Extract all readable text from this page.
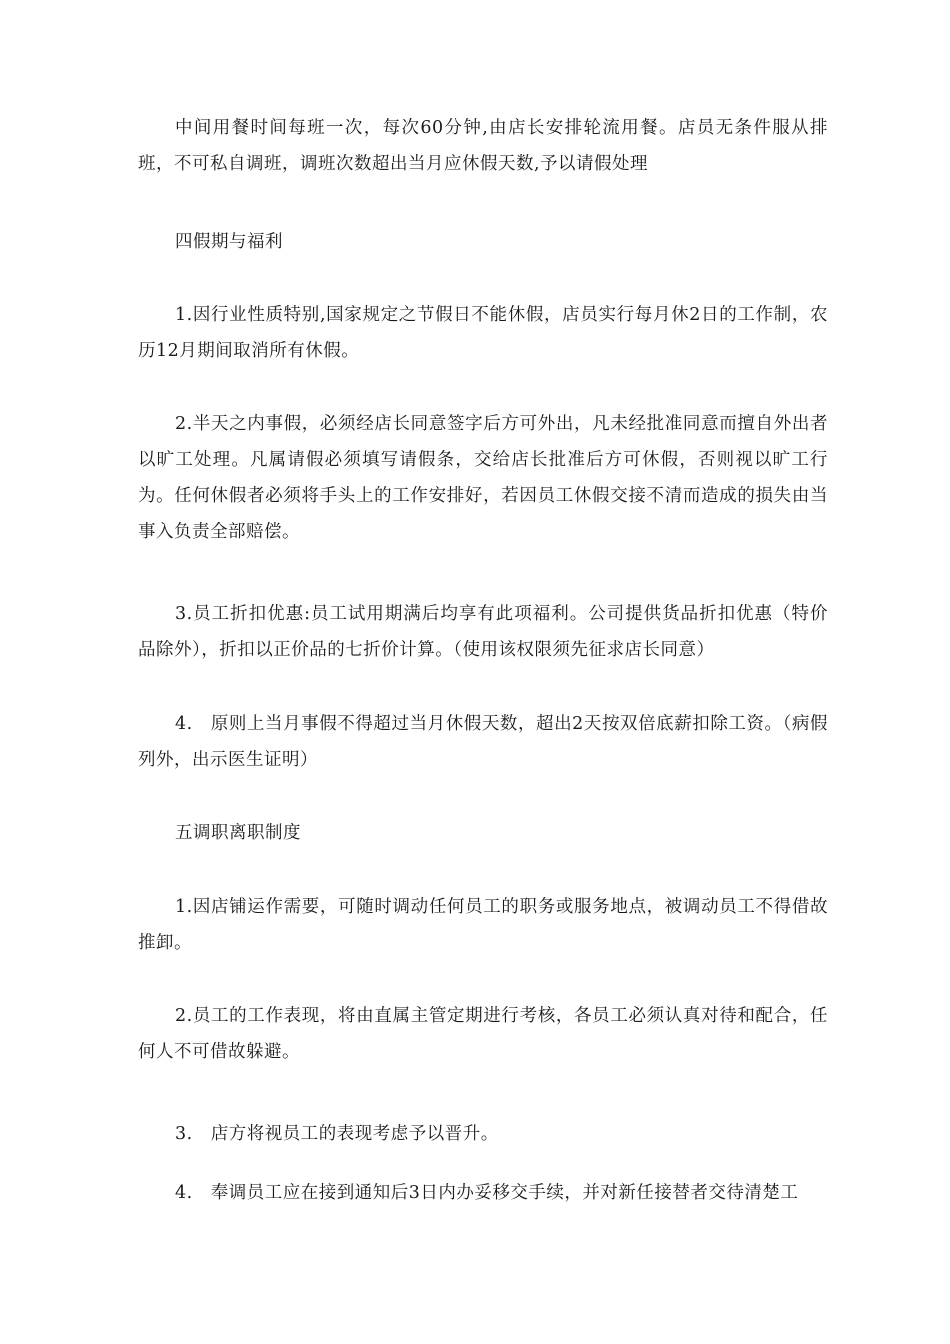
中间用餐时间每班一次，每次60分钟,由店长安排轮流用餐。店员无条件服从排班，不可私自调班，调班次数超出当月应休假天数,予以请假处理

四假期与福利

1.因行业性质特别,国家规定之节假日不能休假，店员实行每月休2日的工作制，农历12月期间取消所有休假。

2.半天之内事假，必须经店长同意签字后方可外出，凡未经批准同意而擅自外出者以旷工处理。凡属请假必须填写请假条，交给店长批准后方可休假，否则视以旷工行为。任何休假者必须将手头上的工作安排好，若因员工休假交接不清而造成的损失由当事入负责全部赔偿。

3.员工折扣优惠:员工试用期满后均享有此项福利。公司提供货品折扣优惠（特价品除外），折扣以正价品的七折价计算。（使用该权限须先征求店长同意）

4.　原则上当月事假不得超过当月休假天数，超出2天按双倍底薪扣除工资。（病假列外，出示医生证明）

五调职离职制度

1.因店铺运作需要，可随时调动任何员工的职务或服务地点，被调动员工不得借故推卸。

2.员工的工作表现，将由直属主管定期进行考核，各员工必须认真对待和配合，任何人不可借故躲避。

3.　店方将视员工的表现考虑予以晋升。

4.　奉调员工应在接到通知后3日内办妥移交手续，并对新任接替者交待清楚工
